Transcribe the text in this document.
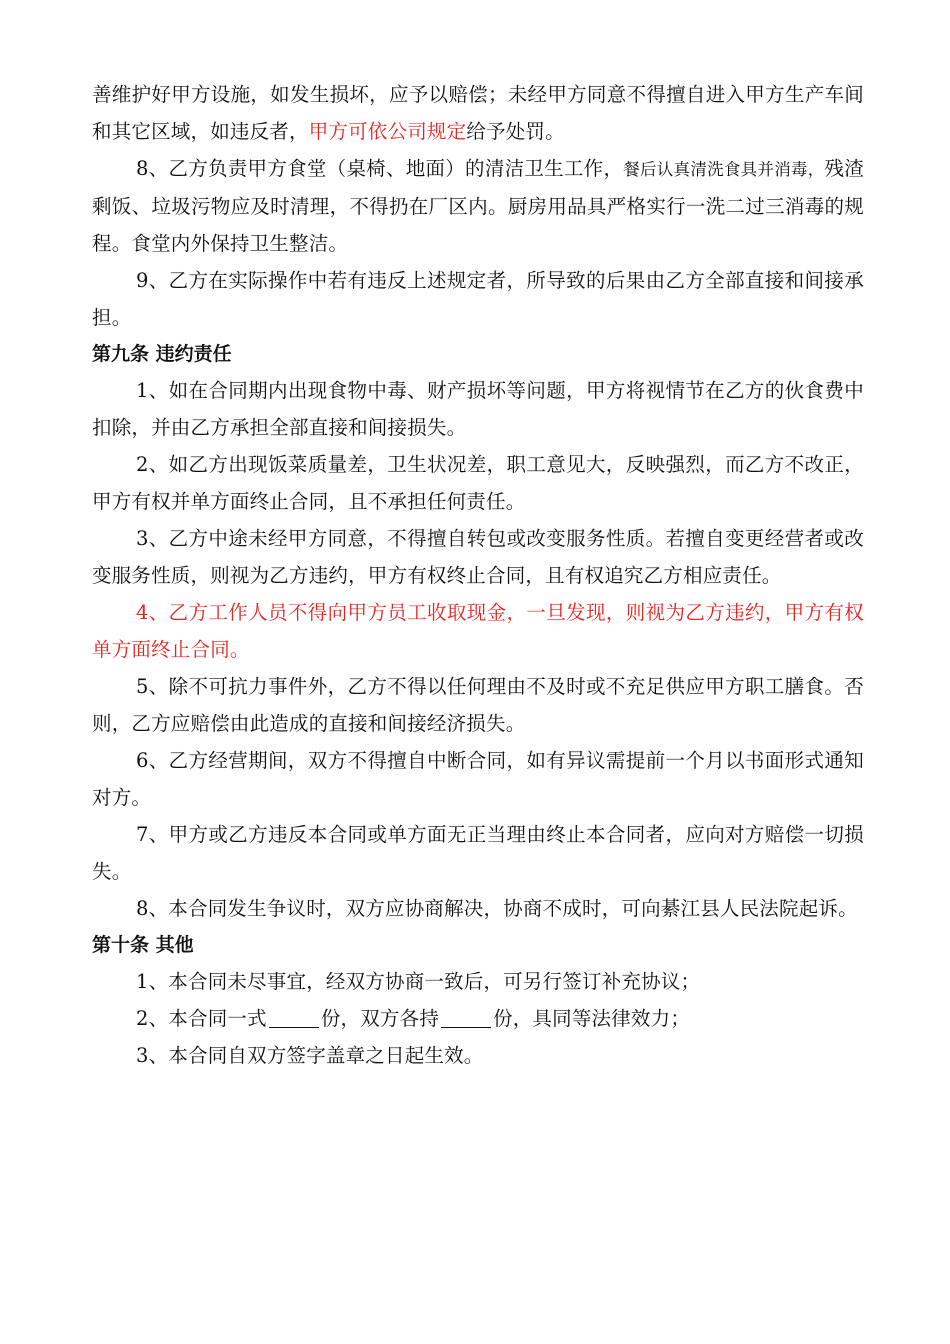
善维护好甲方设施，如发生损坏，应予以赔偿；未经甲方同意不得擅自进入甲方生产车间和其它区域，如违反者，甲方可依公司规定给予处罚。

8、乙方负责甲方食堂（桌椅、地面）的清洁卫生工作，餐后认真清洗食具并消毒，残渣剩饭、垃圾污物应及时清理，不得扔在厂区内。厨房用品具严格实行一洗二过三消毒的规程。食堂内外保持卫生整洁。

9、乙方在实际操作中若有违反上述规定者，所导致的后果由乙方全部直接和间接承担。

第九条 违约责任

1、如在合同期内出现食物中毒、财产损坏等问题，甲方将视情节在乙方的伙食费中扣除，并由乙方承担全部直接和间接损失。

2、如乙方出现饭菜质量差，卫生状况差，职工意见大，反映强烈，而乙方不改正，甲方有权并单方面终止合同，且不承担任何责任。

3、乙方中途未经甲方同意，不得擅自转包或改变服务性质。若擅自变更经营者或改变服务性质，则视为乙方违约，甲方有权终止合同，且有权追究乙方相应责任。

4、乙方工作人员不得向甲方员工收取现金，一旦发现，则视为乙方违约，甲方有权单方面终止合同。

5、除不可抗力事件外，乙方不得以任何理由不及时或不充足供应甲方职工膳食。否则，乙方应赔偿由此造成的直接和间接经济损失。

6、乙方经营期间，双方不得擅自中断合同，如有异议需提前一个月以书面形式通知对方。

7、甲方或乙方违反本合同或单方面无正当理由终止本合同者，应向对方赔偿一切损失。

8、本合同发生争议时，双方应协商解决，协商不成时，可向綦江县人民法院起诉。

第十条 其他

1、本合同未尽事宜，经双方协商一致后，可另行签订补充协议；

2、本合同一式	份，双方各持	份，具同等法律效力；

3、本合同自双方签字盖章之日起生效。
